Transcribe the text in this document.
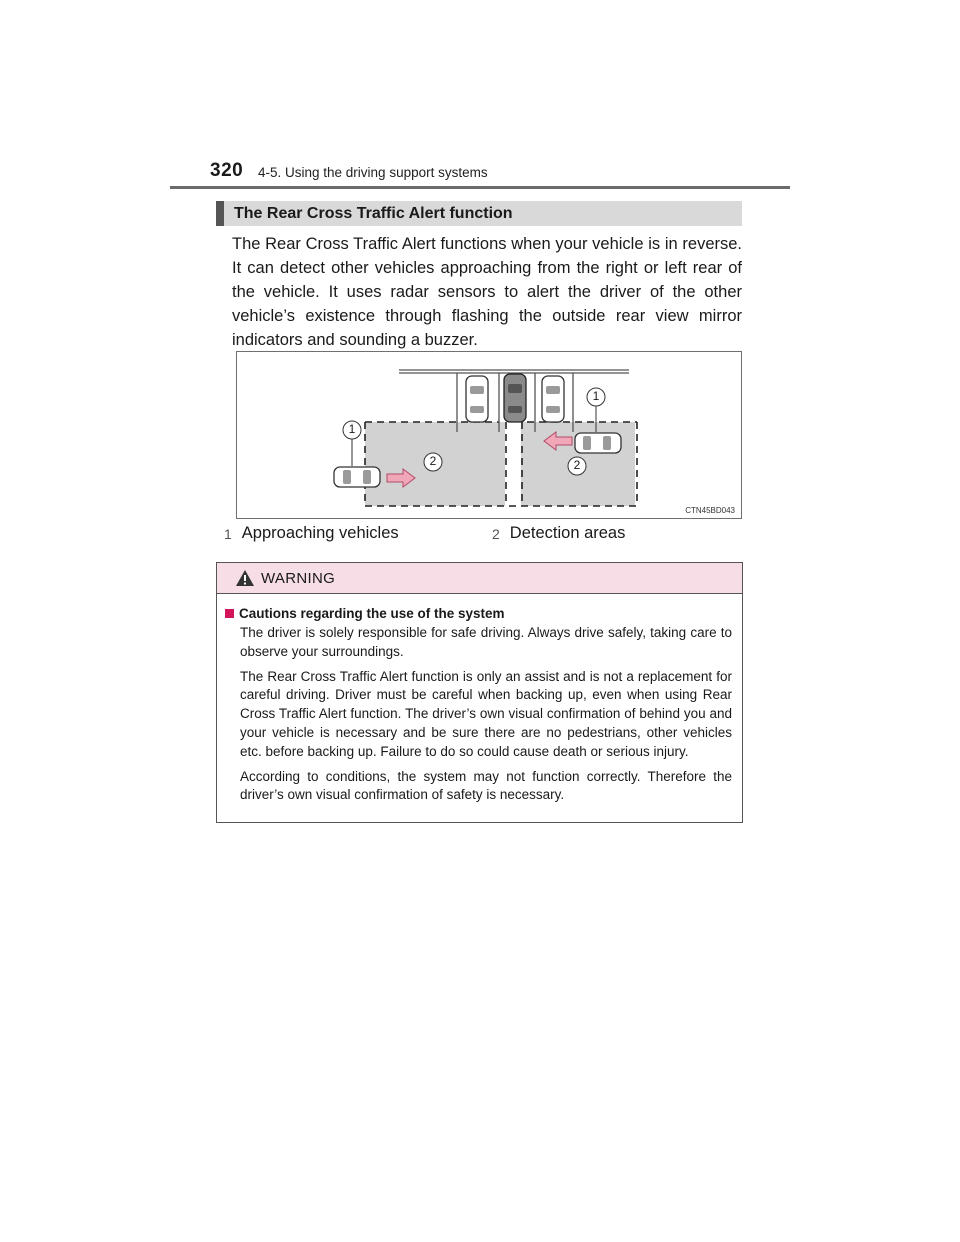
320 4-5. Using the driving support systems
The Rear Cross Traffic Alert function

The Rear Cross Traffic Alert functions when your vehicle is in reverse. It can detect other vehicles approaching from the right or left rear of the vehicle. It uses radar sensors to alert the driver of the other vehicle’s existence through flashing the outside rear view mirror indicators and sounding a buzzer.

1
1
2	2
CTN45BD043
1 Approaching vehicles	2 Detection areas
WARNING
Cautions regarding the use of the system

The driver is solely responsible for safe driving. Always drive safely, taking care to observe your surroundings.

The Rear Cross Traffic Alert function is only an assist and is not a replacement for careful driving. Driver must be careful when backing up, even when using Rear Cross Traffic Alert function. The driver’s own visual confirmation of behind you and your vehicle is necessary and be sure there are no pedestrians, other vehicles etc. before backing up. Failure to do so could cause death or serious injury.

According to conditions, the system may not function correctly. Therefore the driver’s own visual confirmation of safety is necessary.
